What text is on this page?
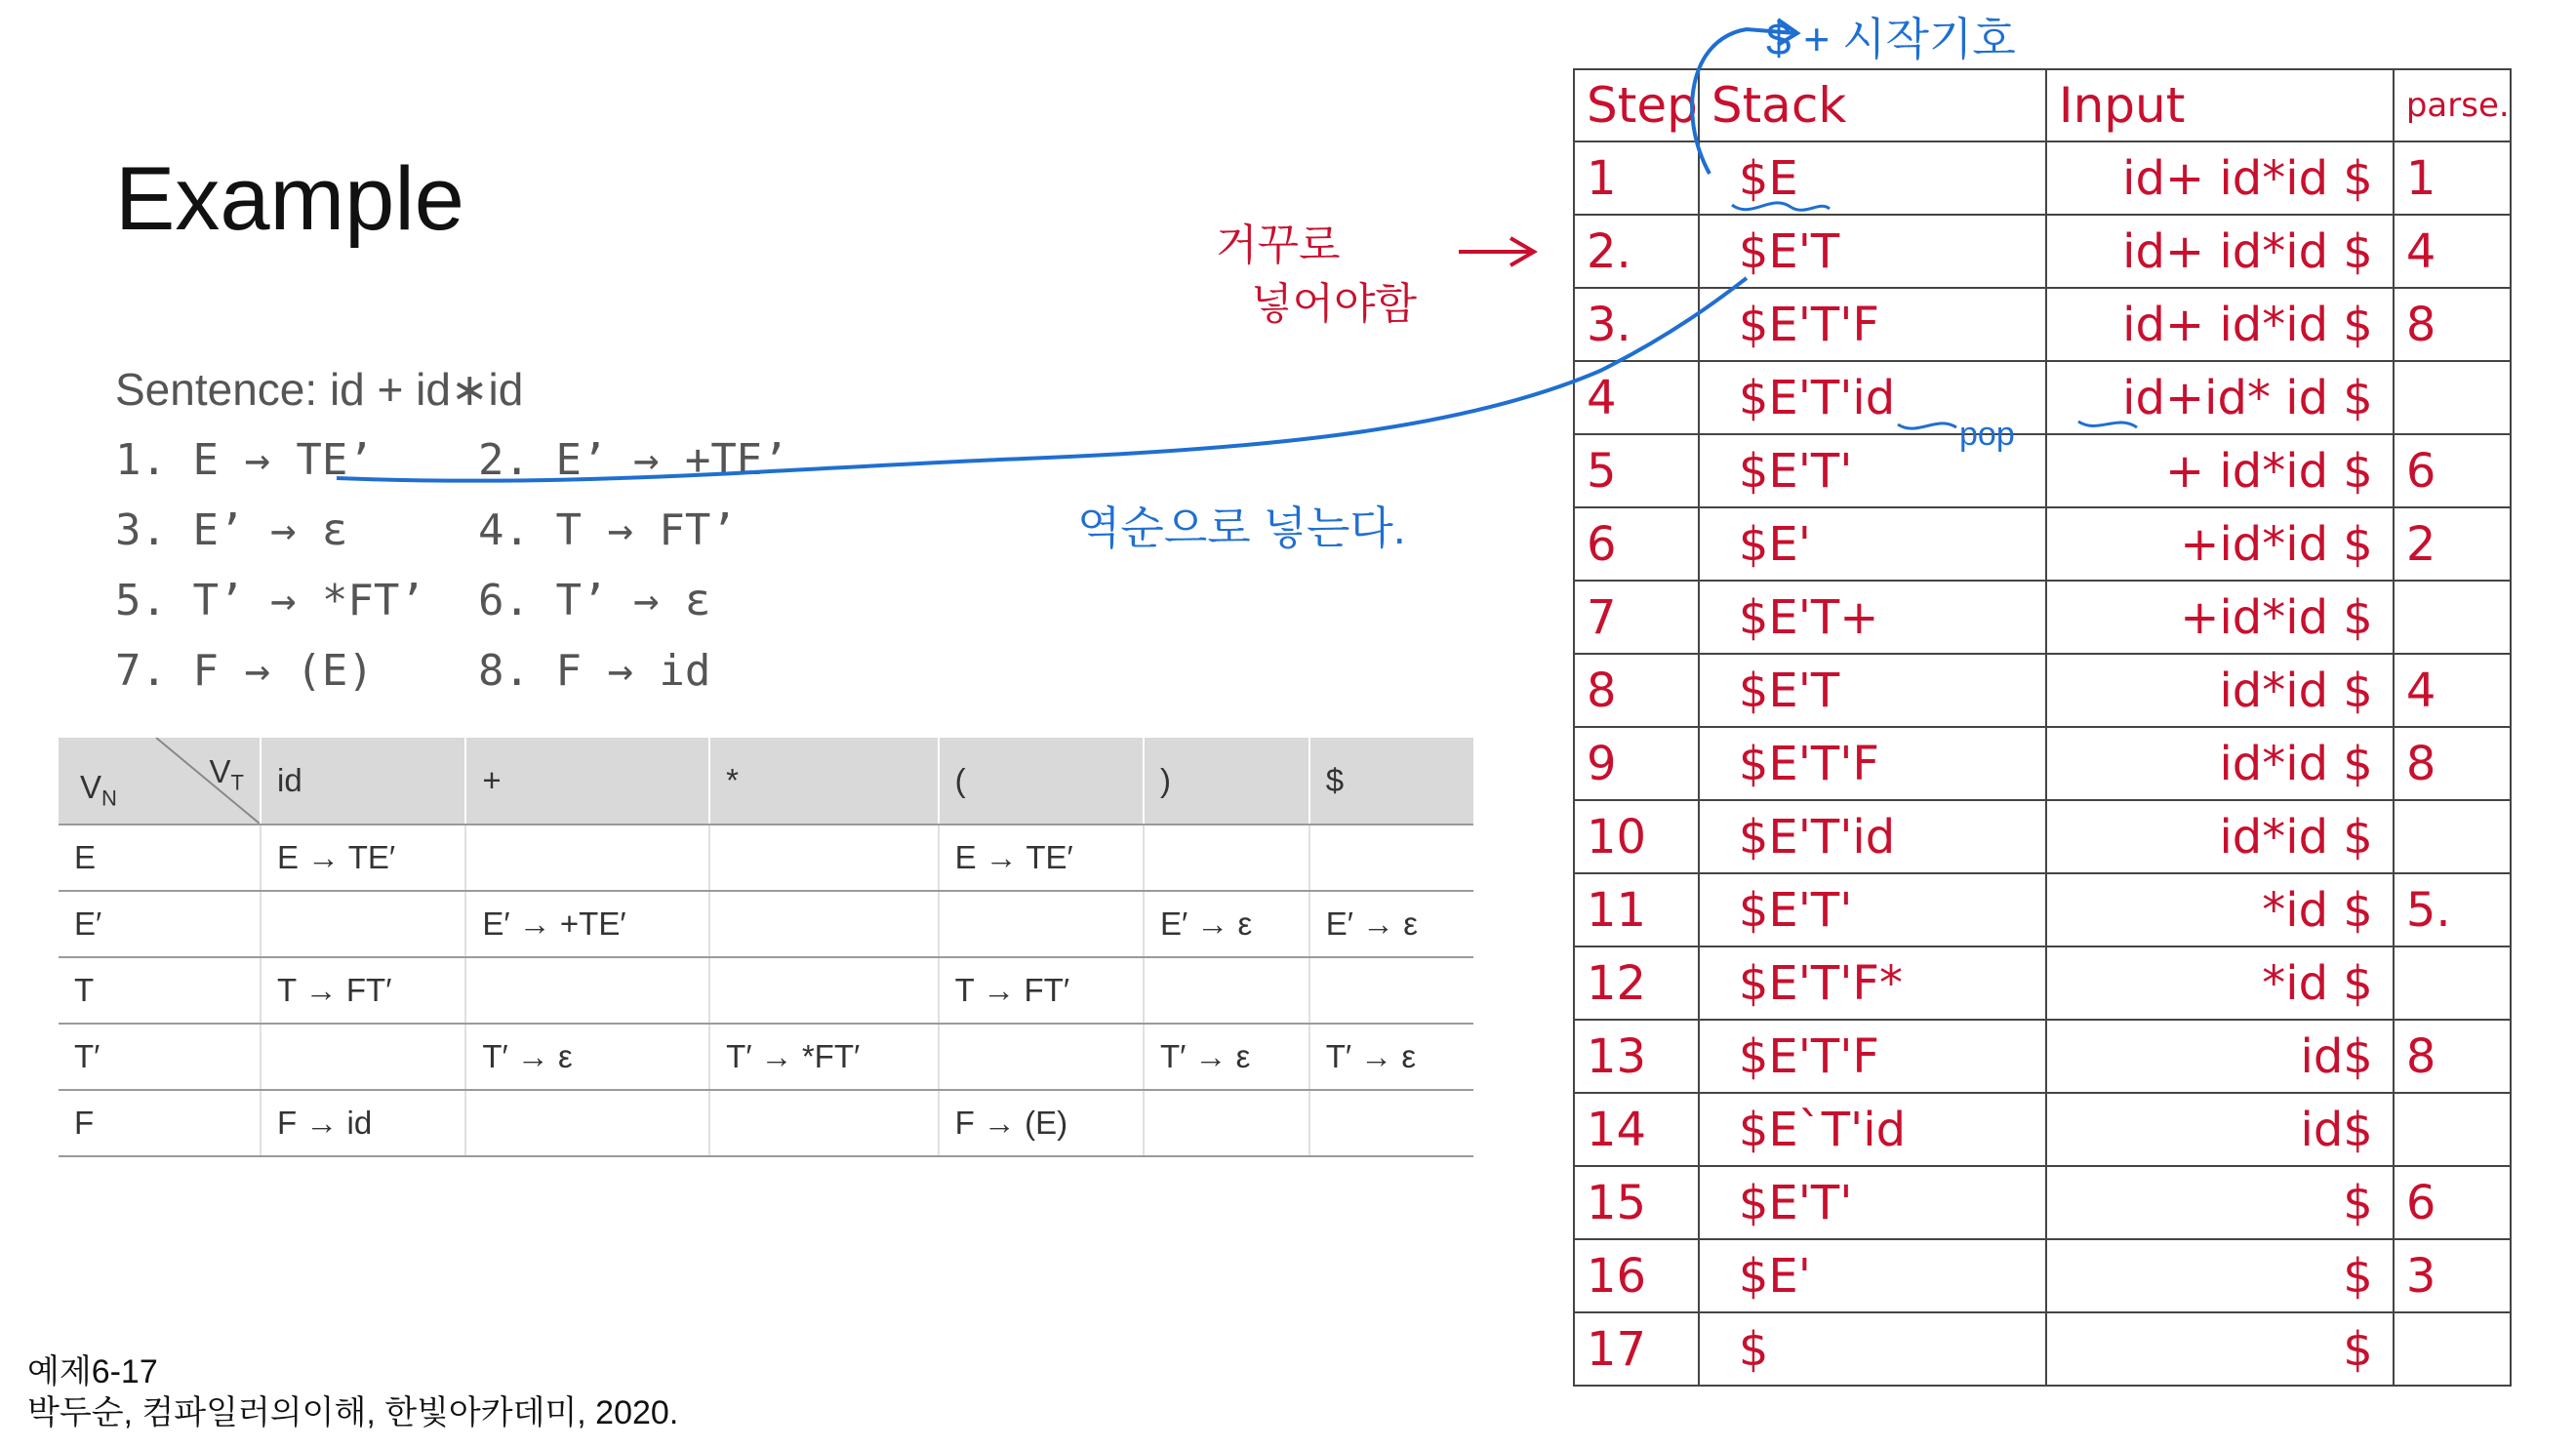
Example
Sentence: id + id∗id
1. E → TE’ 2. E’ → +TE’
3. E’ → ε	4. T → FT’
5. T’ → *FT’ 6. T’ → ε
7. F → (E) 8. F → id
$V_T$
$V_N$	id	+	*	(	)	$
E	E → TE′			E → TE′		
E′		E′ → +TE′			E′ → ε	E′ → ε
T	T → FT′			T → FT′		
T′		T′ → ε	T′ → *FT′		T′ → ε	T′ → ε
F	F → id			F → (E)		
Step	Stack	Input	parse.
1	$E	id+ id*id $	1
2.	$E'T	id+ id*id $	4
3.	$E'T'F	id+ id*id $	8
4	$E'T'id	id+id* id $	
5	$E'T'	+ id*id $	6
6	$E'	+id*id $	2
7	$E'T+	+id*id $	
8	$E'T	id*id $	4
9	$E'T'F	id*id $	8
10	$E'T'id	id*id $	
11	$E'T'	*id $	5.
12	$E'T'F*	*id $	
13	$E'T'F	id$	8
14	$E`T'id	id$	
15	$E'T'	$	6
16	$E'	$	3
17	$	$	
$ + 시작기호
거꾸로
넣어야함
pop
역순으로 넣는다.
예제6-17
박두순, 컴파일러의이해, 한빛아카데미, 2020.
